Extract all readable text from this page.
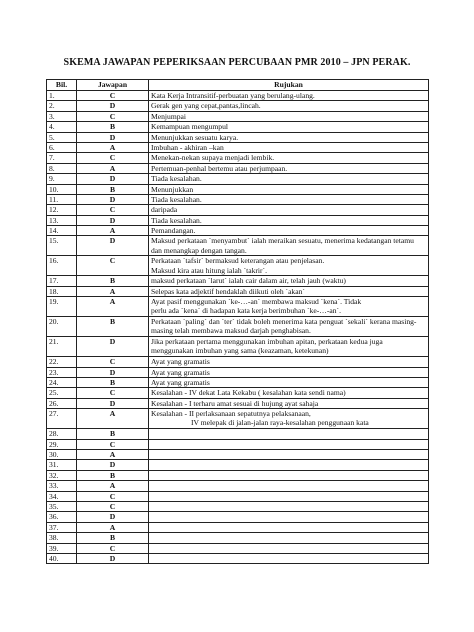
SKEMA JAWAPAN PEPERIKSAAN PERCUBAAN PMR 2010 – JPN PERAK.
Bil.	Jawapan	Rujukan
1.	C	Kata Kerja Intransitif-perbuatan yang berulang-ulang.

2.	D	Gerak gen yang cepat,pantas,lincah.

3.	C	Menjumpai

4.	B	Kemampuan mengumpul

5.	D	Menunjukkan sesuatu karya.

6.	A	Imbuhan - akhiran –kan

7.	C	Menekan-nekan supaya menjadi lembik.

8.	A	Pertemuan-penhal bertemu atau perjumpaan.

9.	D	Tiada kesalahan.

10.	B	Menunjukkan

11.	D	Tiada kesalahan.

12.	C	daripada

13.	D	Tiada kesalahan.

14.	A	Pemandangan.

15.	D	Maksud perkataan `menyambut` ialah meraikan sesuatu, menerima kedatangan tetamu
dan menangkap dengan tangan.

16.	C	Perkataan `tafsir` bermaksud keterangan atau penjelasan.
Maksud kira atau hitung ialah `takrir`.

17.	B	maksud perkataan `larut` ialah cair dalam air, telah jauh (waktu)

18.	A	Selepas kata adjektif hendaklah diikuti oleh `akan`

19.	A	Ayat pasif menggunakan `ke-…-an` membawa maksud `kena`. Tidak
perlu ada `kena` di hadapan kata kerja berimbuhan `ke-…-an`.

20.	B	Perkataan `paling` dan `ter` tidak boleh menerima kata penguat `sekali` kerana masing-
masing telah membawa maksud darjah penghabisan.

21.	D	Jika perkataan pertama menggunakan imbuhan apitan, perkataan kedua juga
menggunakan imbuhan yang sama (keazaman, ketekunan)

22.	C	Ayat yang gramatis

23.	D	Ayat yang gramatis

24.	B	Ayat yang gramatis

25.	C	Kesalahan - IV dekat Lata Kekabu ( kesalahan kata sendi nama)

26.	D	Kesalahan - I terharu amat sesuai di hujung ayat sahaja

27.	A	Kesalahan - II perlaksanaan sepatutnya pelaksanaan,
IV melepak di jalan-jalan raya-kesalahan penggunaan kata

28.	B	

29.	C	

30.	A	

31.	D	

32.	B	

33.	A	

34.	C	

35.	C	

36.	D	

37.	A	

38.	B	

39.	C	

40.	D	
